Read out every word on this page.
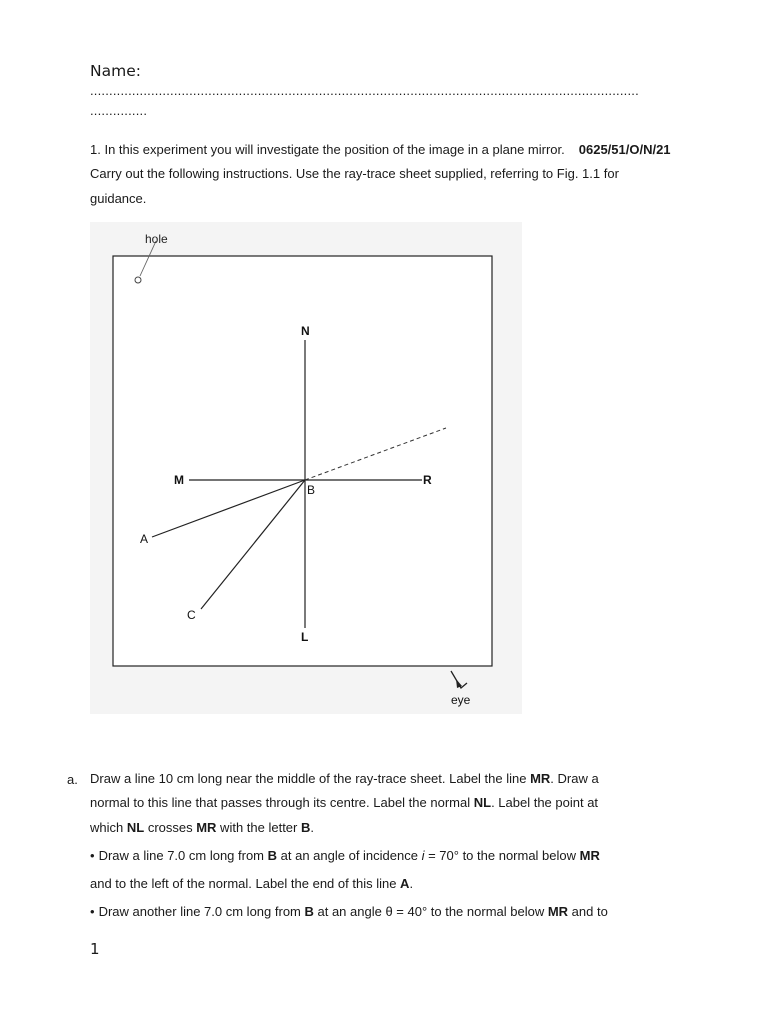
Name:
................................................................................................................................................
...............
1. In this experiment you will investigate the position of the image in a plane mirror. 0625/51/O/N/21
Carry out the following instructions. Use the ray-trace sheet supplied, referring to Fig. 1.1 for
guidance.
hole
N
M	R
B
A
C
L
eye
a. Draw a line 10 cm long near the middle of the ray-trace sheet. Label the line MR. Draw a
normal to this line that passes through its centre. Label the normal NL. Label the point at
which NL crosses MR with the letter B.
• Draw a line 7.0 cm long from B at an angle of incidence i = 70° to the normal below MR
and to the left of the normal. Label the end of this line A.
• Draw another line 7.0 cm long from B at an angle θ = 40° to the normal below MR and to
1
